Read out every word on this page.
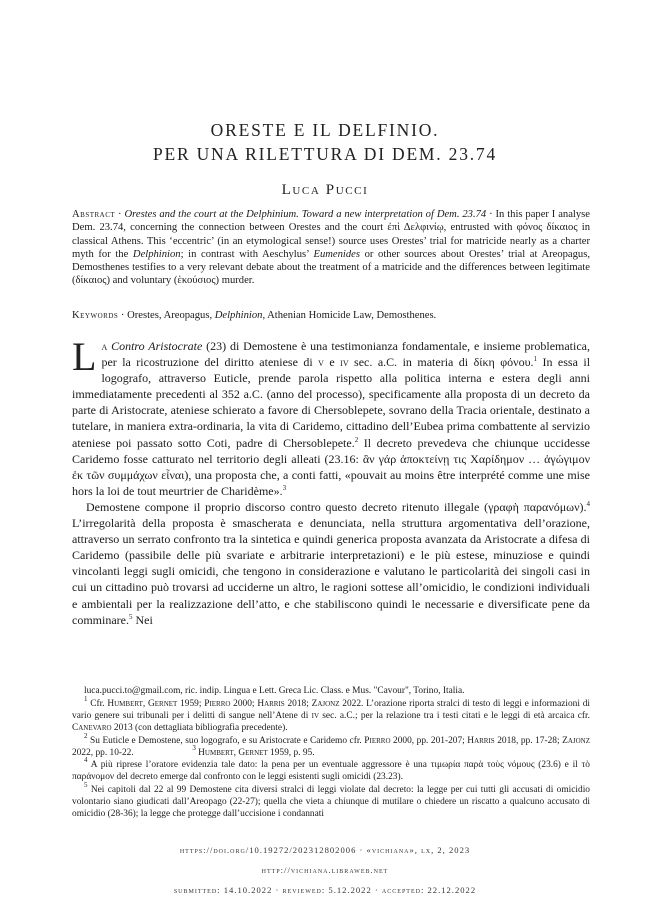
ORESTE E IL DELFINIO.
PER UNA RILETTURA DI DEM. 23.74
Luca Pucci
Abstract · Orestes and the court at the Delphinium. Toward a new interpretation of Dem. 23.74 · In this paper I analyse Dem. 23.74, concerning the connection between Orestes and the court ἐπὶ Δελφινίῳ, entrusted with φόνος δίκαιος in classical Athens. This ‘eccentric’ (in an etymological sense!) source uses Orestes’ trial for matricide nearly as a charter myth for the Delphinion; in contrast with Aeschylus’ Eumenides or other sources about Orestes’ trial at Areopagus, Demosthenes testifies to a very relevant debate about the treatment of a matricide and the differences between legitimate (δίκαιος) and voluntary (ἑκούσιος) murder.
Keywords · Orestes, Areopagus, Delphinion, Athenian Homicide Law, Demosthenes.

La Contro Aristocrate (23) di Demostene è una testimonianza fondamentale, e insieme problematica, per la ricostruzione del diritto ateniese di v e iv sec. a.C. in materia di δίκη φόνου.$^1$ In essa il logografo, attraverso Euticle, prende parola rispetto alla politica interna e estera degli anni immediatamente precedenti al 352 a.C. (anno del processo), specificamente alla proposta di un decreto da parte di Aristocrate, ateniese schierato a favore di Chersoblepete, sovrano della Tracia orientale, destinato a tutelare, in maniera extra-ordinaria, la vita di Caridemo, cittadino dell’Eubea prima combattente al servizio ateniese poi passato sotto Coti, padre di Chersoblepete.$^2$ Il decreto prevedeva che chiunque uccidesse Caridemo fosse catturato nel territorio degli alleati (23.16: ἂν γάρ ἀποκτείνῃ τις Χαρίδημον … ἀγώγιμον ἐκ τῶν συμμάχων εἶναι), una proposta che, a conti fatti, «pouvait au moins être interprété comme une mise hors la loi de tout meurtrier de Charidème».$^3$

Demostene compone il proprio discorso contro questo decreto ritenuto illegale (γραφὴ παρανόμων).$^4$ L’irregolarità della proposta è smascherata e denunciata, nella struttura argomentativa dell’orazione, attraverso un serrato confronto tra la sintetica e quindi generica proposta avanzata da Aristocrate a difesa di Caridemo (passibile delle più svariate e arbitrarie interpretazioni) e le più estese, minuziose e quindi vincolanti leggi sugli omicidi, che tengono in considerazione e valutano le particolarità dei singoli casi in cui un cittadino può trovarsi ad ucciderne un altro, le ragioni sottese all’omicidio, le condizioni individuali e ambientali per la realizzazione dell’atto, e che stabiliscono quindi le necessarie e diversificate pene da comminare.$^5$ Nei

luca.pucci.to@gmail.com, ric. indip. Lingua e Lett. Greca Lic. Class. e Mus. "Cavour", Torino, Italia.

$^1$ Cfr. Humbert, Gernet 1959; Pierro 2000; Harris 2018; Zajonz 2022. L’orazione riporta stralci di testo di leggi e informazioni di vario genere sui tribunali per i delitti di sangue nell’Atene di iv sec. a.C.; per la relazione tra i testi citati e le leggi di età arcaica cfr. Canevaro 2013 (con dettagliata bibliografia precedente).

$^2$ Su Euticle e Demostene, suo logografo, e su Aristocrate e Caridemo cfr. Pierro 2000, pp. 201-207; Harris 2018, pp. 17-28; Zajonz 2022, pp. 10-22.	$^3$ Humbert, Gernet 1959, p. 95.

$^4$ A più riprese l’oratore evidenzia tale dato: la pena per un eventuale aggressore è una τιμωρία παρὰ τοὺς νόμους (23.6) e il τὸ παράνομον del decreto emerge dal confronto con le leggi esistenti sugli omicidi (23.23).

$^5$ Nei capitoli dal 22 al 99 Demostene cita diversi stralci di leggi violate dal decreto: la legge per cui tutti gli accusati di omicidio volontario siano giudicati dall’Areopago (22-27); quella che vieta a chiunque di mutilare o chiedere un riscatto a qualcuno accusato di omicidio (28-36); la legge che protegge dall’uccisione i condannati

https://doi.org/10.19272/202312802006 · «vichiana», lx, 2, 2023
http://vichiana.libraweb.net
submitted: 14.10.2022 · reviewed: 5.12.2022 · accepted: 22.12.2022
